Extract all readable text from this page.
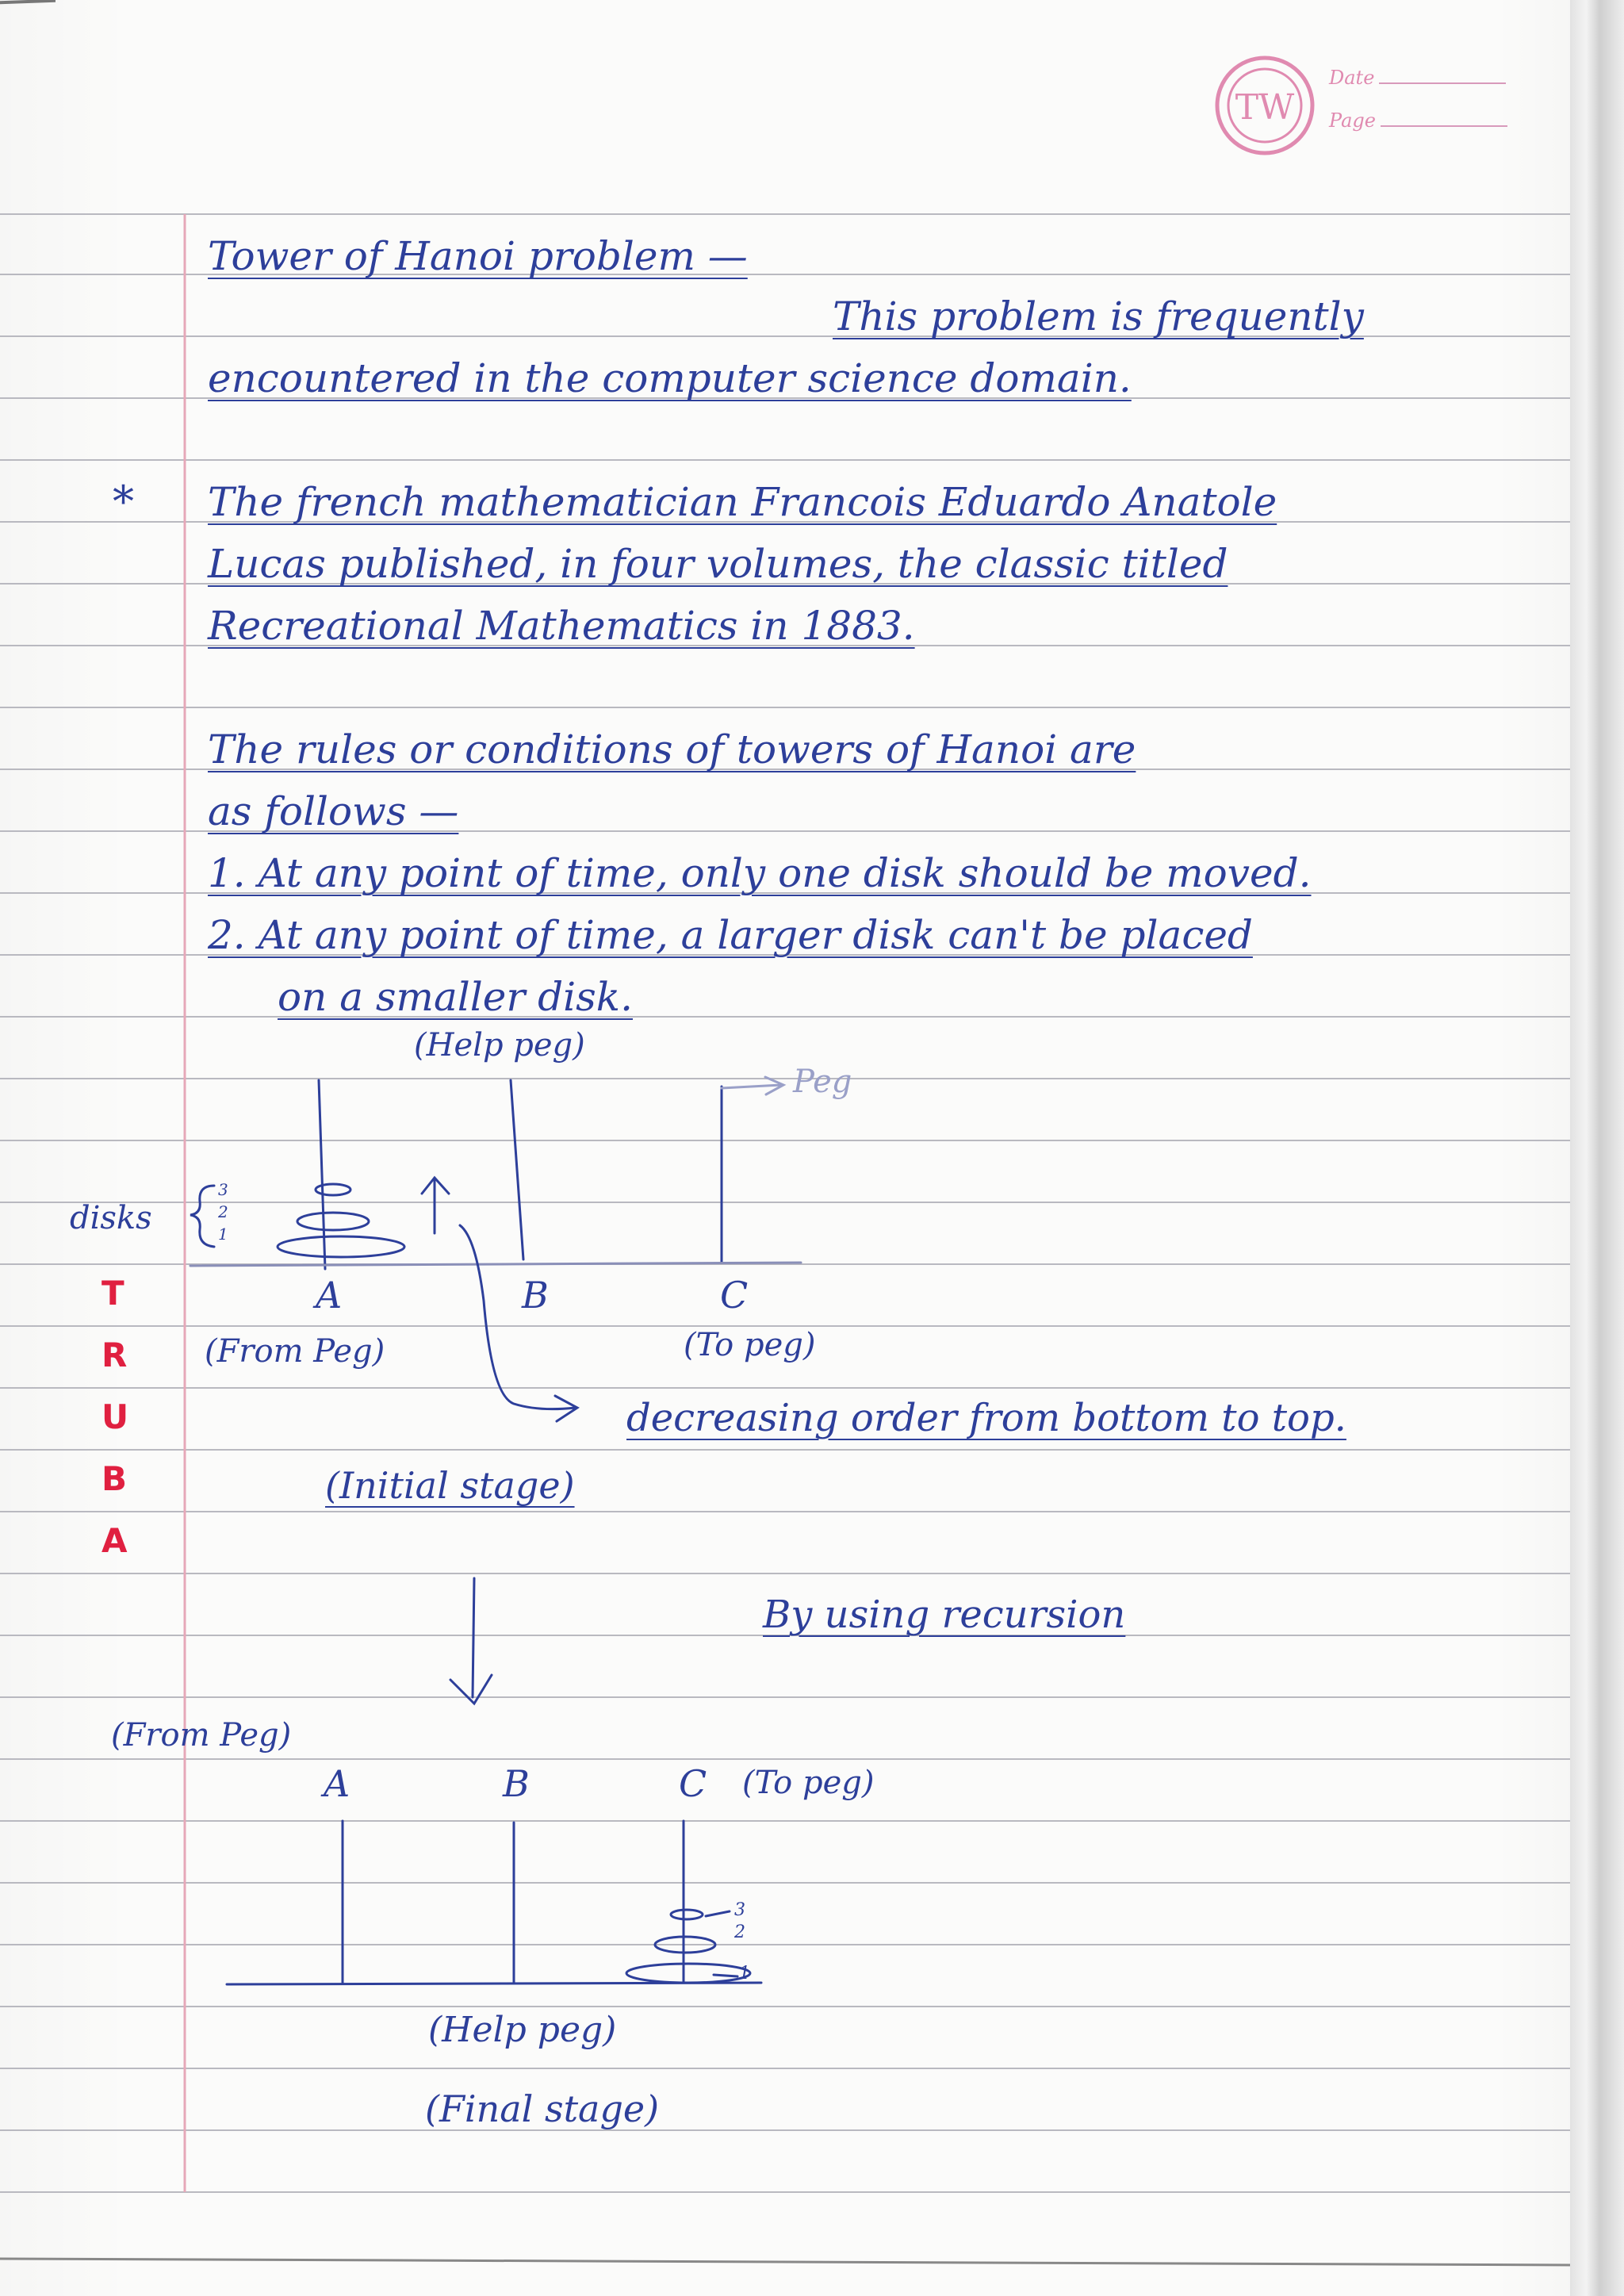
TW
Date
Page
Tower of Hanoi problem —
This problem is frequently
encountered in the computer science domain.
* The french mathematician Francois Eduardo Anatole
Lucas published, in four volumes, the classic titled
Recreational Mathematics in 1883.
The rules or conditions of towers of Hanoi are
as follows —
1. At any point of time, only one disk should be moved.
2. At any point of time, a larger disk can't be placed
on a smaller disk.
(Help peg)
Peg
disks
3
2
1
A	B	C
(From Peg)	(To peg)
decreasing order from bottom to top.
(Initial stage)
T
R
U
B
A
By using recursion
(From Peg)
A	B	C (To peg)
3
2
1
(Help peg)
(Final stage)
